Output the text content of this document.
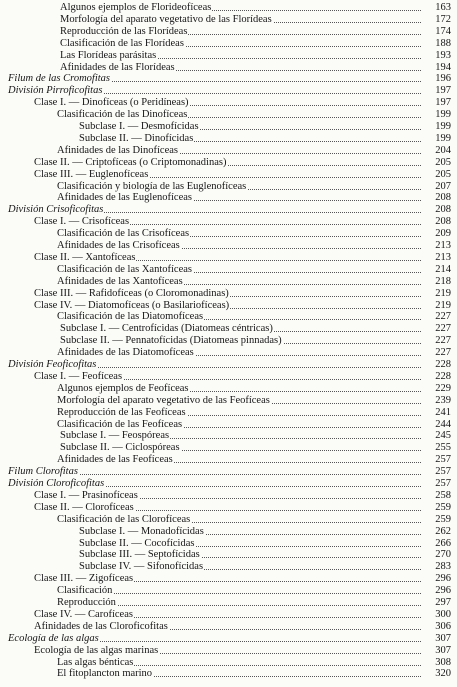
Algunos ejemplos de Florideofíceas	163
Morfología del aparato vegetativo de las Florídeas	172
Reproducción de las Florídeas	174
Clasificación de las Florídeas	188
Las Florídeas parásitas	193
Afinidades de las Florídeas	194
Filum de las Cromofitas	196
División Pirroficofitas	197
Clase I. — Dinofíceas (o Peridíneas)	197
Clasificación de las Dinofíceas	199
Subclase I. — Desmofícidas	199
Subclase II. — Dinofícidas	199
Afinidades de las Dinofíceas	204
Clase II. — Criptofíceas (o Criptomonadinas)	205
Clase III. — Euglenofíceas	205
Clasificación y biología de las Euglenofíceas	207
Afinidades de las Euglenofíceas	208
División Crisoficofitas	208
Clase I. — Crisofíceas	208
Clasificación de las Crisofíceas	209
Afinidades de las Crisofíceas	213
Clase II. — Xantofíceas	213
Clasificación de las Xantofíceas	214
Afinidades de las Xantofíceas	218
Clase III. — Rafidofíceas (o Cloromonadinas)	219
Clase IV. — Diatomofíceas (o Basilariofíceas)	219
Clasificación de las Diatomofíceas	227
Subclase I. — Centrofícidas (Diatomeas céntricas)	227
Subclase II. — Pennatofícidas (Diatomeas pinnadas)	227
Afinidades de las Diatomofíceas	227
División Feoficofitas	228
Clase I. — Feofíceas	228
Algunos ejemplos de Feofíceas	229
Morfología del aparato vegetativo de las Feofíceas	239
Reproducción de las Feofíceas	241
Clasificación de las Feofíceas	244
Subclase I. — Feospóreas	245
Subclase II. — Ciclospóreas	255
Afinidades de las Feofíceas	257
Filum Clorofitas	257
División Cloroficofitas	257
Clase I. — Prasinofíceas	258
Clase II. — Clorofíceas	259
Clasificación de las Clorofíceas	259
Subclase I. — Monadofícidas	262
Subclase II. — Cocofícidas	266
Subclase III. — Septofícidas	270
Subclase IV. — Sifonofícidas	283
Clase III. — Zigofíceas	296
Clasificación	296
Reproducción	297
Clase IV. — Carofíceas	300
Afinidades de las Cloroficofitas	306
Ecología de las algas	307
Ecología de las algas marinas	307
Las algas bénticas	308
El fitoplancton marino	320
